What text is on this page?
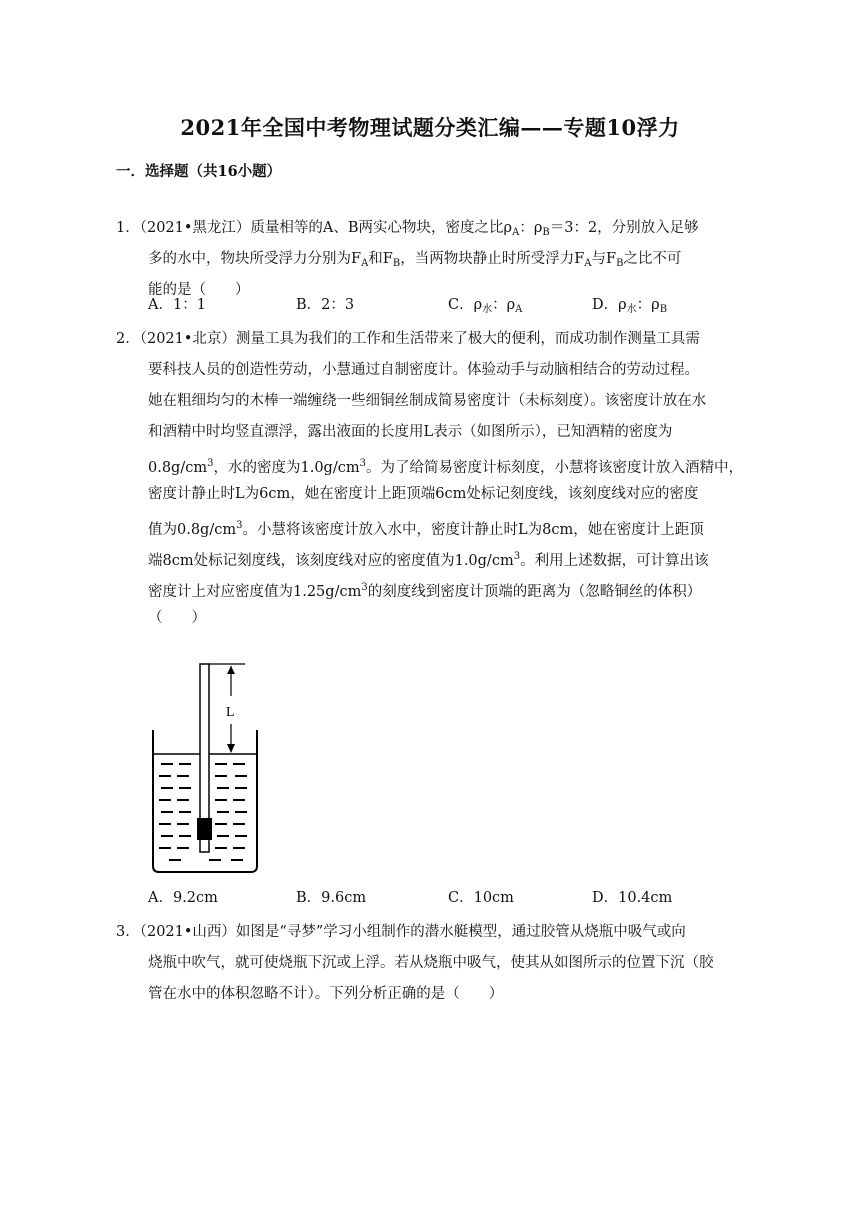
2021年全国中考物理试题分类汇编——专题10浮力
一．选择题（共16小题）
1．（2021•黑龙江）质量相等的A、B两实心物块，密度之比$\rho_A$：$\rho_B=3$：2，分别放入足够
多的水中，物块所受浮力分别为$F_A$和$F_B$，当两物块静止时所受浮力$F_A$与$F_B$之比不可
能的是（　　）
A．1：1	B．2：3	C．$\rho_水$：$\rho_A$	D．$\rho_水$：$\rho_B$
2．（2021•北京）测量工具为我们的工作和生活带来了极大的便利，而成功制作测量工具需
要科技人员的创造性劳动，小慧通过自制密度计。体验动手与动脑相结合的劳动过程。
她在粗细均匀的木棒一端缠绕一些细铜丝制成简易密度计（未标刻度）。该密度计放在水
和酒精中时均竖直漂浮，露出液面的长度用L表示（如图所示），已知酒精的密度为
$0.8g/cm^3$，水的密度为$1.0g/cm^3$。为了给简易密度计标刻度，小慧将该密度计放入酒精中，
密度计静止时L为6cm，她在密度计上距顶端6cm处标记刻度线，该刻度线对应的密度
值为$0.8g/cm^3$。小慧将该密度计放入水中，密度计静止时L为8cm，她在密度计上距顶
端8cm处标记刻度线，该刻度线对应的密度值为$1.0g/cm^3$。利用上述数据，可计算出该
密度计上对应密度值为$1.25g/cm^3$的刻度线到密度计顶端的距离为（忽略铜丝的体积）
（　　）
L
A．9.2cm	B．9.6cm	C．10cm	D．10.4cm
3．（2021•山西）如图是“寻梦”学习小组制作的潜水艇模型，通过胶管从烧瓶中吸气或向
烧瓶中吹气，就可使烧瓶下沉或上浮。若从烧瓶中吸气，使其从如图所示的位置下沉（胶
管在水中的体积忽略不计）。下列分析正确的是（　　）
